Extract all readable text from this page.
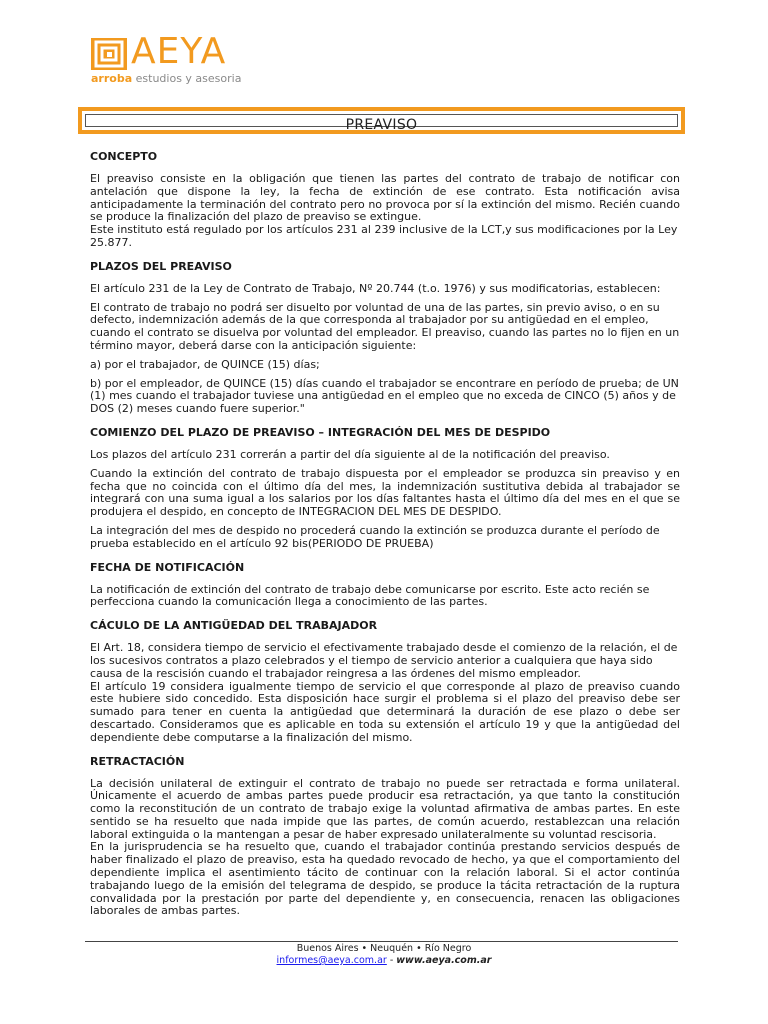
AEYA
arroba estudios y asesoria
PREAVISO
CONCEPTO

El preaviso consiste en la obligación que tienen las partes del contrato de trabajo de notificar con antelación que dispone la ley, la fecha de extinción de ese contrato. Esta notificación avisa anticipadamente la terminación del contrato pero no provoca por sí la extinción del mismo. Recién cuando se produce la finalización del plazo de preaviso se extingue.

Este instituto está regulado por los artículos 231 al 239 inclusive de la LCT,y sus modificaciones por la Ley 25.877.

PLAZOS DEL PREAVISO

El artículo 231 de la Ley de Contrato de Trabajo, Nº 20.744 (t.o. 1976) y sus modificatorias, establecen:

El contrato de trabajo no podrá ser disuelto por voluntad de una de las partes, sin previo aviso, o en su defecto, indemnización además de la que corresponda al trabajador por su antigüedad en el empleo, cuando el contrato se disuelva por voluntad del empleador. El preaviso, cuando las partes no lo fijen en un término mayor, deberá darse con la anticipación siguiente:

a) por el trabajador, de QUINCE (15) días;

b) por el empleador, de QUINCE (15) días cuando el trabajador se encontrare en período de prueba; de UN (1) mes cuando el trabajador tuviese una antigüedad en el empleo que no exceda de CINCO (5) años y de DOS (2) meses cuando fuere superior."

COMIENZO DEL PLAZO DE PREAVISO – INTEGRACIÓN DEL MES DE DESPIDO

Los plazos del artículo 231 correrán a partir del día siguiente al de la notificación del preaviso.

Cuando la extinción del contrato de trabajo dispuesta por el empleador se produzca sin preaviso y en fecha que no coincida con el último día del mes, la indemnización sustitutiva debida al trabajador se integrará con una suma igual a los salarios por los días faltantes hasta el último día del mes en el que se produjera el despido, en concepto de INTEGRACION DEL MES DE DESPIDO.

La integración del mes de despido no procederá cuando la extinción se produzca durante el período de prueba establecido en el artículo 92 bis(PERIODO DE PRUEBA)

FECHA DE NOTIFICACIÓN

La notificación de extinción del contrato de trabajo debe comunicarse por escrito. Este acto recién se perfecciona cuando la comunicación llega a conocimiento de las partes.

CÁCULO DE LA ANTIGÜEDAD DEL TRABAJADOR

El Art. 18, considera tiempo de servicio el efectivamente trabajado desde el comienzo de la relación, el de los sucesivos contratos a plazo celebrados y el tiempo de servicio anterior a cualquiera que haya sido causa de la rescisión cuando el trabajador reingresa a las órdenes del mismo empleador.

El artículo 19 considera igualmente tiempo de servicio el que corresponde al plazo de preaviso cuando este hubiere sido concedido. Esta disposición hace surgir el problema si el plazo del preaviso debe ser sumado para tener en cuenta la antigüedad que determinará la duración de ese plazo o debe ser descartado. Consideramos que es aplicable en toda su extensión el artículo 19 y que la antigüedad del dependiente debe computarse a la finalización del mismo.

RETRACTACIÓN

La decisión unilateral de extinguir el contrato de trabajo no puede ser retractada e forma unilateral. Únicamente el acuerdo de ambas partes puede producir esa retractación, ya que tanto la constitución como la reconstitución de un contrato de trabajo exige la voluntad afirmativa de ambas partes. En este sentido se ha resuelto que nada impide que las partes, de común acuerdo, restablezcan una relación laboral extinguida o la mantengan a pesar de haber expresado unilateralmente su voluntad rescisoria.

En la jurisprudencia se ha resuelto que, cuando el trabajador continúa prestando servicios después de haber finalizado el plazo de preaviso, esta ha quedado revocado de hecho, ya que el comportamiento del dependiente implica el asentimiento tácito de continuar con la relación laboral. Si el actor continúa trabajando luego de la emisión del telegrama de despido, se produce la tácita retractación de la ruptura convalidada por la prestación por parte del dependiente y, en consecuencia, renacen las obligaciones laborales de ambas partes.

Buenos Aires • Neuquén • Río Negro
informes@aeya.com.ar - www.aeya.com.ar
